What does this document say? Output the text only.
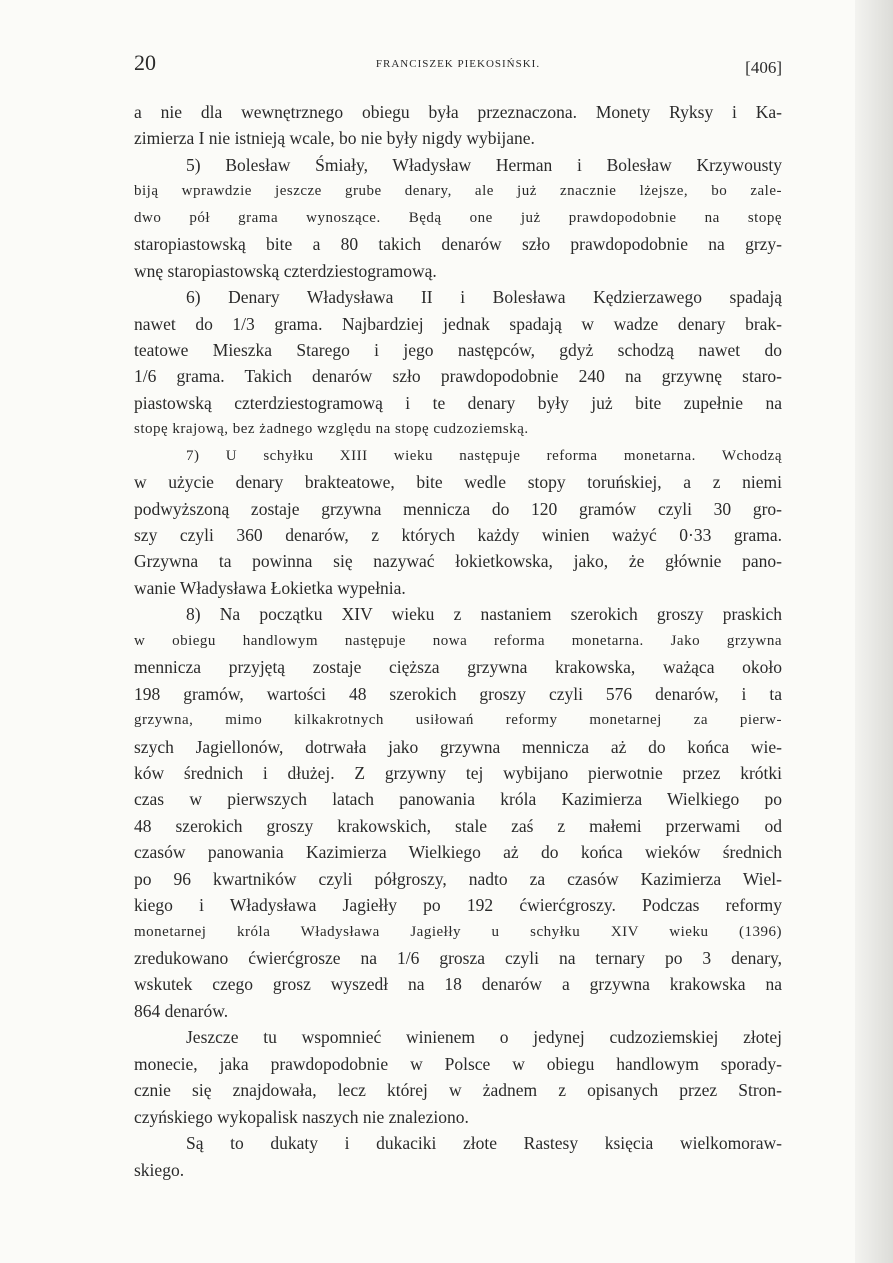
20	FRANCISZEK PIEKOSIŃSKI.	[406]
a nie dla wewnętrznego obiegu była przeznaczona. Monety Ryksy i Ka-
zimierza I nie istnieją wcale, bo nie były nigdy wybijane.
5) Bolesław Śmiały, Władysław Herman i Bolesław Krzywousty
biją wprawdzie jeszcze grube denary, ale już znacznie lżejsze, bo zale-
dwo pół grama wynoszące. Będą one już prawdopodobnie na stopę
staropiastowską bite a 80 takich denarów szło prawdopodobnie na grzy-
wnę staropiastowską czterdziestogramową.
6) Denary Władysława II i Bolesława Kędzierzawego spadają
nawet do 1/3 grama. Najbardziej jednak spadają w wadze denary brak-
teatowe Mieszka Starego i jego następców, gdyż schodzą nawet do
1/6 grama. Takich denarów szło prawdopodobnie 240 na grzywnę staro-
piastowską czterdziestogramową i te denary były już bite zupełnie na
stopę krajową, bez żadnego względu na stopę cudzoziemską.
7) U schyłku XIII wieku następuje reforma monetarna. Wchodzą
w użycie denary brakteatowe, bite wedle stopy toruńskiej, a z niemi
podwyższoną zostaje grzywna mennicza do 120 gramów czyli 30 gro-
szy czyli 360 denarów, z których każdy winien ważyć 0·33 grama.
Grzywna ta powinna się nazywać łokietkowska, jako, że głównie pano-
wanie Władysława Łokietka wypełnia.
8) Na początku XIV wieku z nastaniem szerokich groszy praskich
w obiegu handlowym następuje nowa reforma monetarna. Jako grzywna
mennicza przyjętą zostaje cięższa grzywna krakowska, ważąca około
198 gramów, wartości 48 szerokich groszy czyli 576 denarów, i ta
grzywna, mimo kilkakrotnych usiłowań reformy monetarnej za pierw-
szych Jagiellonów, dotrwała jako grzywna mennicza aż do końca wie-
ków średnich i dłużej. Z grzywny tej wybijano pierwotnie przez krótki
czas w pierwszych latach panowania króla Kazimierza Wielkiego po
48 szerokich groszy krakowskich, stale zaś z małemi przerwami od
czasów panowania Kazimierza Wielkiego aż do końca wieków średnich
po 96 kwartników czyli półgroszy, nadto za czasów Kazimierza Wiel-
kiego i Władysława Jagiełły po 192 ćwierćgroszy. Podczas reformy
monetarnej króla Władysława Jagiełły u schyłku XIV wieku (1396)
zredukowano ćwierćgrosze na 1/6 grosza czyli na ternary po 3 denary,
wskutek czego grosz wyszedł na 18 denarów a grzywna krakowska na
864 denarów.
Jeszcze tu wspomnieć winienem o jedynej cudzoziemskiej złotej
monecie, jaka prawdopodobnie w Polsce w obiegu handlowym sporady-
cznie się znajdowała, lecz której w żadnem z opisanych przez Stron-
czyńskiego wykopalisk naszych nie znaleziono.
Są to dukaty i dukaciki złote Rastesy księcia wielkomoraw-
skiego.
